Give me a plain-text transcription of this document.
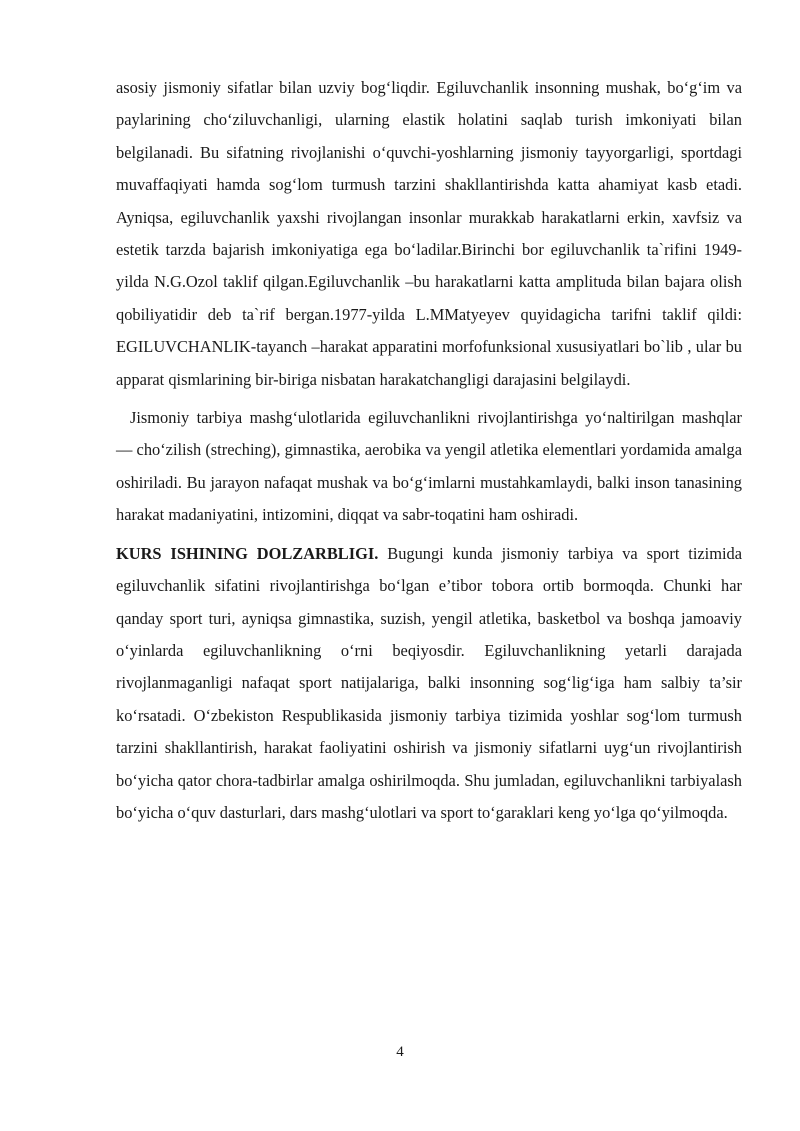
asosiy jismoniy sifatlar bilan uzviy bog‘liqdir. Egiluvchanlik insonning mushak, bo‘g‘im va paylarining cho‘ziluvchanligi, ularning elastik holatini saqlab turish imkoniyati bilan belgilanadi. Bu sifatning rivojlanishi o‘quvchi-yoshlarning jismoniy tayyorgarligi, sportdagi muvaffaqiyati hamda sog‘lom turmush tarzini shakllantirishda katta ahamiyat kasb etadi. Ayniqsa, egiluvchanlik yaxshi rivojlangan insonlar murakkab harakatlarni erkin, xavfsiz va estetik tarzda bajarish imkoniyatiga ega bo‘ladilar.Birinchi bor egiluvchanlik ta`rifini 1949-yilda N.G.Ozol taklif qilgan.Egiluvchanlik –bu harakatlarni katta amplituda bilan bajara olish qobiliyatidir deb ta`rif bergan.1977-yilda L.MMatyeyev quyidagicha tarifni taklif qildi: EGILUVCHANLIK-tayanch –harakat apparatini morfofunksional xususiyatlari bo`lib , ular bu apparat qismlarining bir-biriga nisbatan harakatchangligi darajasini belgilaydi.

Jismoniy tarbiya mashg‘ulotlarida egiluvchanlikni rivojlantirishga yo‘naltirilgan mashqlar — cho‘zilish (streching), gimnastika, aerobika va yengil atletika elementlari yordamida amalga oshiriladi. Bu jarayon nafaqat mushak va bo‘g‘imlarni mustahkamlaydi, balki inson tanasining harakat madaniyatini, intizomini, diqqat va sabr-toqatini ham oshiradi.

KURS ISHINING DOLZARBLIGI. Bugungi kunda jismoniy tarbiya va sport tizimida egiluvchanlik sifatini rivojlantirishga bo‘lgan e’tibor tobora ortib bormoqda. Chunki har qanday sport turi, ayniqsa gimnastika, suzish, yengil atletika, basketbol va boshqa jamoaviy o‘yinlarda egiluvchanlikning o‘rni beqiyosdir. Egiluvchanlikning yetarli darajada rivojlanmaganligi nafaqat sport natijalariga, balki insonning sog‘lig‘iga ham salbiy ta’sir ko‘rsatadi. O‘zbekiston Respublikasida jismoniy tarbiya tizimida yoshlar sog‘lom turmush tarzini shakllantirish, harakat faoliyatini oshirish va jismoniy sifatlarni uyg‘un rivojlantirish bo‘yicha qator chora-tadbirlar amalga oshirilmoqda. Shu jumladan, egiluvchanlikni tarbiyalash bo‘yicha o‘quv dasturlari, dars mashg‘ulotlari va sport to‘garaklari keng yo‘lga qo‘yilmoqda.

4
